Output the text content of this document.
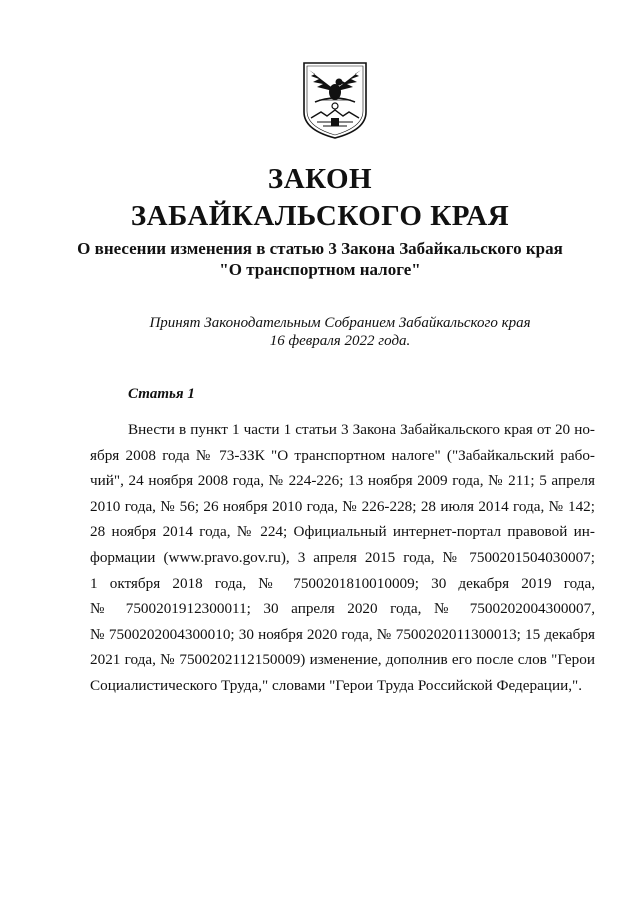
ЗАКОН
ЗАБАЙКАЛЬСКОГО КРАЯ

О внесении изменения в статью 3 Закона Забайкальского края

"О транспортном налоге"

Принят Законодательным Собранием Забайкальского края

16 февраля 2022 года.

Статья 1

Внести в пункт 1 части 1 статьи 3 Закона Забайкальского края от 20 но-
ября 2008 года № 73-ЗЗК "О транспортном налоге" ("Забайкальский рабо-
чий", 24 ноября 2008 года, № 224-226; 13 ноября 2009 года, № 211; 5 апреля
2010 года, № 56; 26 ноября 2010 года, № 226-228; 28 июля 2014 года, № 142;
28 ноября 2014 года, № 224; Официальный интернет-портал правовой ин-
формации (www.pravo.gov.ru), 3 апреля 2015 года, № 7500201504030007;
1 октября 2018 года, № 7500201810010009; 30 декабря 2019 года,
№ 7500201912300011; 30 апреля 2020 года, № 7500202004300007,
№ 7500202004300010; 30 ноября 2020 года, № 7500202011300013; 15 декабря
2021 года, № 7500202112150009) изменение, дополнив его после слов "Герои
Социалистического Труда," словами "Герои Труда Российской Федерации,".
